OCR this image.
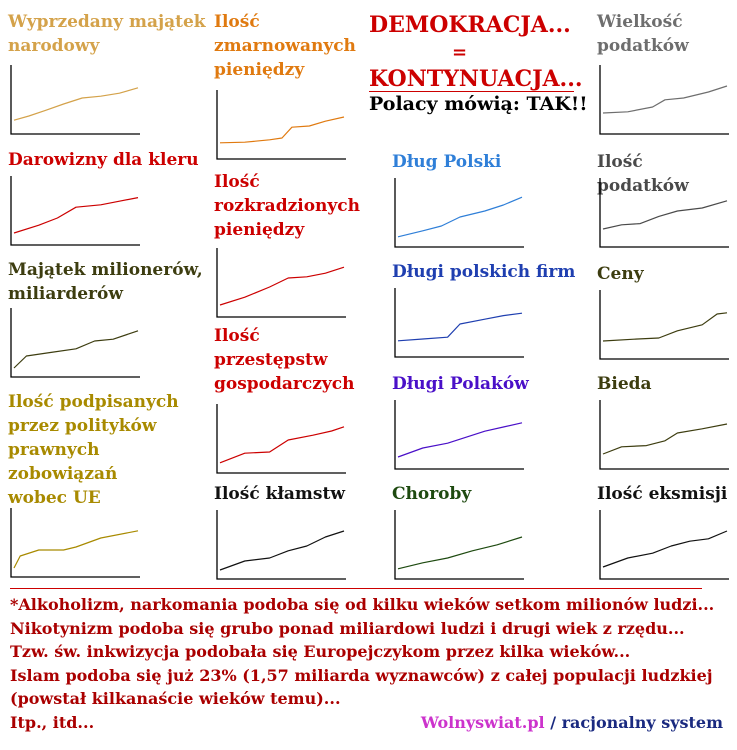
DEMOKRACJA...
=
KONTYNUACJA...
Polacy mówią: TAK!!
Wyprzedany majątek
narodowy
Ilość
zmarnowanych
pieniędzy
Wielkość
podatków
Darowizny dla kleru
Ilość
rozkradzionych
pieniędzy
Dług Polski	Ilość podatków
Majątek milionerów,
miliarderów
Długi polskich firm	Ceny
Ilość
przestępstw
gospodarczych	Długi Polaków	Bieda
Ilość podpisanych
przez polityków
prawnych
zobowiązań
wobec UE	Ilość kłamstw	Choroby	Ilość eksmisji
*Alkoholizm, narkomania podoba się od kilku wieków setkom milionów ludzi...
Nikotynizm podoba się grubo ponad miliardowi ludzi i drugi wiek z rzędu...
Tzw. św. inkwizycja podobała się Europejczykom przez kilka wieków...
Islam podoba się już 23% (1,57 miliarda wyznawców) z całej populacji ludzkiej
(powstał kilkanaście wieków temu)...
Itp., itd...	Wolnyswiat.pl / racjonalny system
